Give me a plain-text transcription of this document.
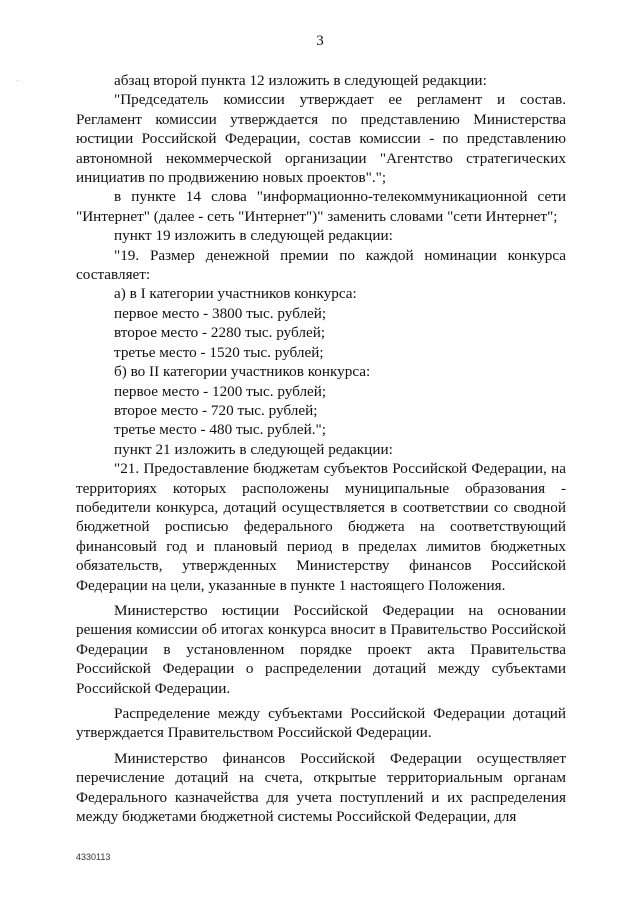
3

абзац второй пункта 12 изложить в следующей редакции:

"Председатель комиссии утверждает ее регламент и состав. Регламент комиссии утверждается по представлению Министерства юстиции Российской Федерации, состав комиссии - по представлению автономной некоммерческой организации "Агентство стратегических инициатив по продвижению новых проектов".";

в пункте 14 слова "информационно-телекоммуникационной сети "Интернет" (далее - сеть "Интернет")" заменить словами "сети Интернет";

пункт 19 изложить в следующей редакции:

"19. Размер денежной премии по каждой номинации конкурса составляет:

а) в I категории участников конкурса:

первое место - 3800 тыс. рублей;

второе место - 2280 тыс. рублей;

третье место - 1520 тыс. рублей;

б) во II категории участников конкурса:

первое место - 1200 тыс. рублей;

второе место - 720 тыс. рублей;

третье место - 480 тыс. рублей.";

пункт 21 изложить в следующей редакции:

"21. Предоставление бюджетам субъектов Российской Федерации, на территориях которых расположены муниципальные образования - победители конкурса, дотаций осуществляется в соответствии со сводной бюджетной росписью федерального бюджета на соответствующий финансовый год и плановый период в пределах лимитов бюджетных обязательств, утвержденных Министерству финансов Российской Федерации на цели, указанные в пункте 1 настоящего Положения.

Министерство юстиции Российской Федерации на основании решения комиссии об итогах конкурса вносит в Правительство Российской Федерации в установленном порядке проект акта Правительства Российской Федерации о распределении дотаций между субъектами Российской Федерации.

Распределение между субъектами Российской Федерации дотаций утверждается Правительством Российской Федерации.

Министерство финансов Российской Федерации осуществляет перечисление дотаций на счета, открытые территориальным органам Федерального казначейства для учета поступлений и их распределения между бюджетами бюджетной системы Российской Федерации, для

4330113
